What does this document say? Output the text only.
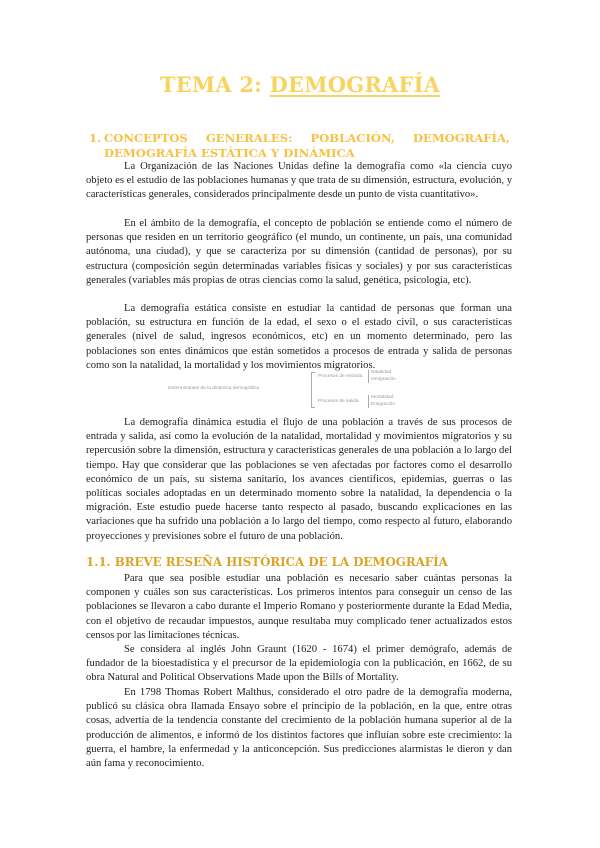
TEMA 2: DEMOGRAFÍA
1. CONCEPTOS GENERALES: POBLACIÓN, DEMOGRAFÍA,
DEMOGRAFÍA ESTÁTICA Y DINÁMICA

La Organización de las Naciones Unidas define la demografía como «la ciencia cuyo objeto es el estudio de las poblaciones humanas y que trata de su dimensión, estructura, evolución, y características generales, considerados principalmente desde un punto de vista cuantitativo».

En el ámbito de la demografía, el concepto de población se entiende como el número de personas que residen en un territorio geográfico (el mundo, un continente, un país, una comunidad autónoma, una ciudad), y que se caracteriza por su dimensión (cantidad de personas), por su estructura (composición según determinadas variables físicas y sociales) y por sus características generales (variables más propias de otras ciencias como la salud, genética, psicología, etc).

La demografía estática consiste en estudiar la cantidad de personas que forman una población, su estructura en función de la edad, el sexo o el estado civil, o sus características generales (nivel de salud, ingresos económicos, etc) en un momento determinado, pero las poblaciones son entes dinámicos que están sometidos a procesos de entrada y salida de personas como son la natalidad, la mortalidad y los movimientos migratorios.

Determinantes de la dinámica demográfica
Procesos de entrada
Procesos de salida
Natalidad
Inmigración
Mortalidad
Emigración

La demografía dinámica estudia el flujo de una población a través de sus procesos de entrada y salida, así como la evolución de la natalidad, mortalidad y movimientos migratorios y su repercusión sobre la dimensión, estructura y características generales de una población a lo largo del tiempo. Hay que considerar que las poblaciones se ven afectadas por factores como el desarrollo económico de un país, su sistema sanitario, los avances científicos, epidemias, guerras o las políticas sociales adoptadas en un determinado momento sobre la natalidad, la dependencia o la migración. Este estudio puede hacerse tanto respecto al pasado, buscando explicaciones en las variaciones que ha sufrido una población a lo largo del tiempo, como respecto al futuro, elaborando proyecciones y previsiones sobre el futuro de una población.

1.1. BREVE RESEÑA HISTÓRICA DE LA DEMOGRAFÍA

Para que sea posible estudiar una población es necesario saber cuántas personas la componen y cuáles son sus características. Los primeros intentos para conseguir un censo de las poblaciones se llevaron a cabo durante el Imperio Romano y posteriormente durante la Edad Media, con el objetivo de recaudar impuestos, aunque resultaba muy complicado tener actualizados estos censos por las limitaciones técnicas.

Se considera al inglés John Graunt (1620 - 1674) el primer demógrafo, además de fundador de la bioestadística y el precursor de la epidemiología con la publicación, en 1662, de su obra Natural and Political Observations Made upon the Bills of Mortality.

En 1798 Thomas Robert Malthus, considerado el otro padre de la demografía moderna, publicó su clásica obra llamada Ensayo sobre el principio de la población, en la que, entre otras cosas, advertía de la tendencia constante del crecimiento de la población humana superior al de la producción de alimentos, e informó de los distintos factores que influían sobre este crecimiento: la guerra, el hambre, la enfermedad y la anticoncepción. Sus predicciones alarmistas le dieron y dan aún fama y reconocimiento.
